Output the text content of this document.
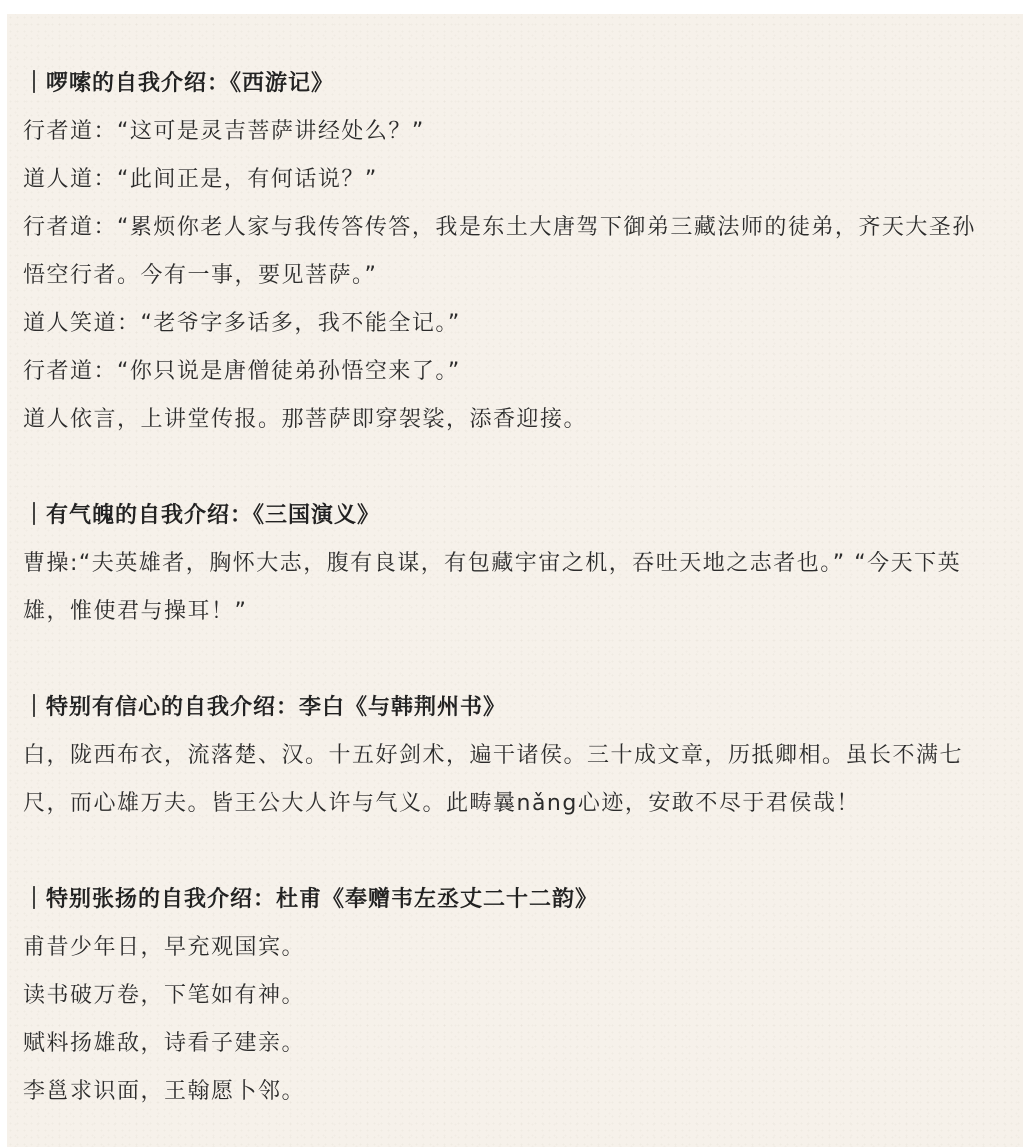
｜啰嗦的自我介绍：《西游记》
行者道：“这可是灵吉菩萨讲经处么？”
道人道：“此间正是，有何话说？”
行者道：“累烦你老人家与我传答传答，我是东土大唐驾下御弟三藏法师的徒弟，齐天大圣孙悟空行者。今有一事，要见菩萨。”
道人笑道：“老爷字多话多，我不能全记。”
行者道：“你只说是唐僧徒弟孙悟空来了。”
道人依言，上讲堂传报。那菩萨即穿袈裟，添香迎接。
｜有气魄的自我介绍：《三国演义》
曹操:“夫英雄者，胸怀大志，腹有良谋，有包藏宇宙之机，吞吐天地之志者也。” “今天下英雄，惟使君与操耳！”
｜特别有信心的自我介绍：李白《与韩荆州书》
白，陇西布衣，流落楚、汉。十五好剑术，遍干诸侯。三十成文章，历抵卿相。虽长不满七尺，而心雄万夫。皆王公大人许与气义。此畴曩nǎng心迹，安敢不尽于君侯哉！
｜特别张扬的自我介绍：杜甫《奉赠韦左丞丈二十二韵》
甫昔少年日，早充观国宾。
读书破万卷，下笔如有神。
赋料扬雄敌，诗看子建亲。
李邕求识面，王翰愿卜邻。
